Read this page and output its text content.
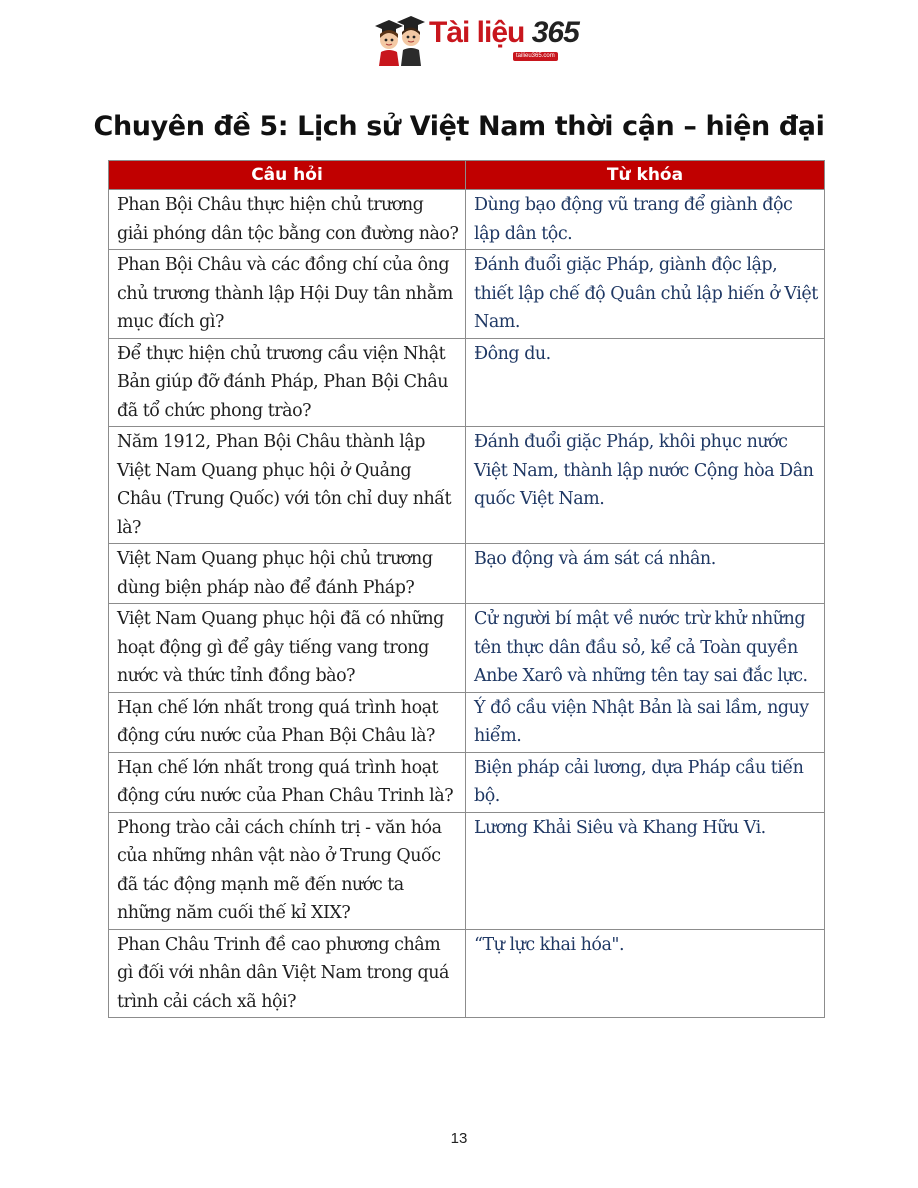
Tài liệu 365
tailieu365.com
Chuyên đề 5: Lịch sử Việt Nam thời cận – hiện đại
Câu hỏi	Từ khóa
Phan Bội Châu thực hiện chủ trương giải phóng dân tộc bằng con đường nào?	Dùng bạo động vũ trang để giành độc lập dân tộc.
Phan Bội Châu và các đồng chí của ông chủ trương thành lập Hội Duy tân nhằm mục đích gì?	Đánh đuổi giặc Pháp, giành độc lập, thiết lập chế độ Quân chủ lập hiến ở Việt Nam.
Để thực hiện chủ trương cầu viện Nhật Bản giúp đỡ đánh Pháp, Phan Bội Châu đã tổ chức phong trào?	Đông du.
Năm 1912, Phan Bội Châu thành lập Việt Nam Quang phục hội ở Quảng Châu (Trung Quốc) với tôn chỉ duy nhất là?	Đánh đuổi giặc Pháp, khôi phục nước Việt Nam, thành lập nước Cộng hòa Dân quốc Việt Nam.
Việt Nam Quang phục hội chủ trương dùng biện pháp nào để đánh Pháp?	Bạo động và ám sát cá nhân.
Việt Nam Quang phục hội đã có những hoạt động gì để gây tiếng vang trong nước và thức tỉnh đồng bào?	Cử người bí mật về nước trừ khử những tên thực dân đầu sỏ, kể cả Toàn quyền Anbe Xarô và những tên tay sai đắc lực.
Hạn chế lớn nhất trong quá trình hoạt động cứu nước của Phan Bội Châu là?	Ý đồ cầu viện Nhật Bản là sai lầm, nguy hiểm.
Hạn chế lớn nhất trong quá trình hoạt động cứu nước của Phan Châu Trinh là?	Biện pháp cải lương, dựa Pháp cầu tiến bộ.
Phong trào cải cách chính trị - văn hóa của những nhân vật nào ở Trung Quốc đã tác động mạnh mẽ đến nước ta những năm cuối thế kỉ XIX?	Lương Khải Siêu và Khang Hữu Vi.
Phan Châu Trinh đề cao phương châm gì đối với nhân dân Việt Nam trong quá trình cải cách xã hội?	“Tự lực khai hóa".
13
